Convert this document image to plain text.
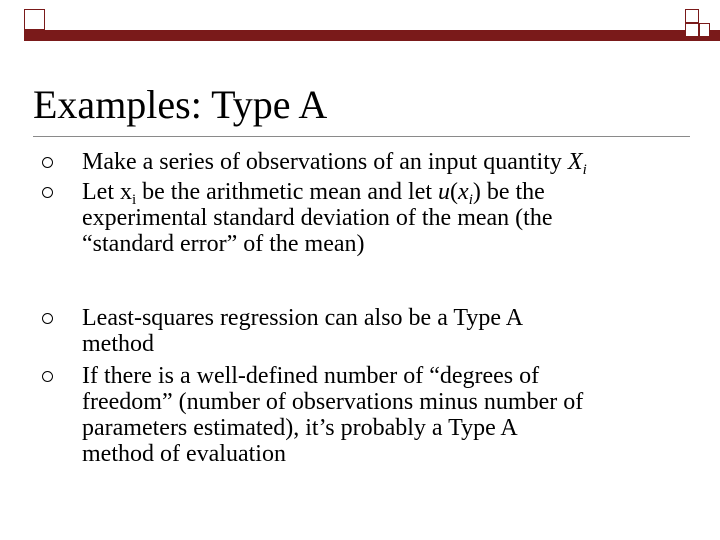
Examples: Type A
Make a series of observations of an input quantity $X_i$
Let $x_i$ be the arithmetic mean and let $u(x_i)$ be the
experimental standard deviation of the mean (the
“standard error” of the mean)
Least-squares regression can also be a Type A
method
If there is a well-defined number of “degrees of
freedom” (number of observations minus number of
parameters estimated), it’s probably a Type A
method of evaluation
